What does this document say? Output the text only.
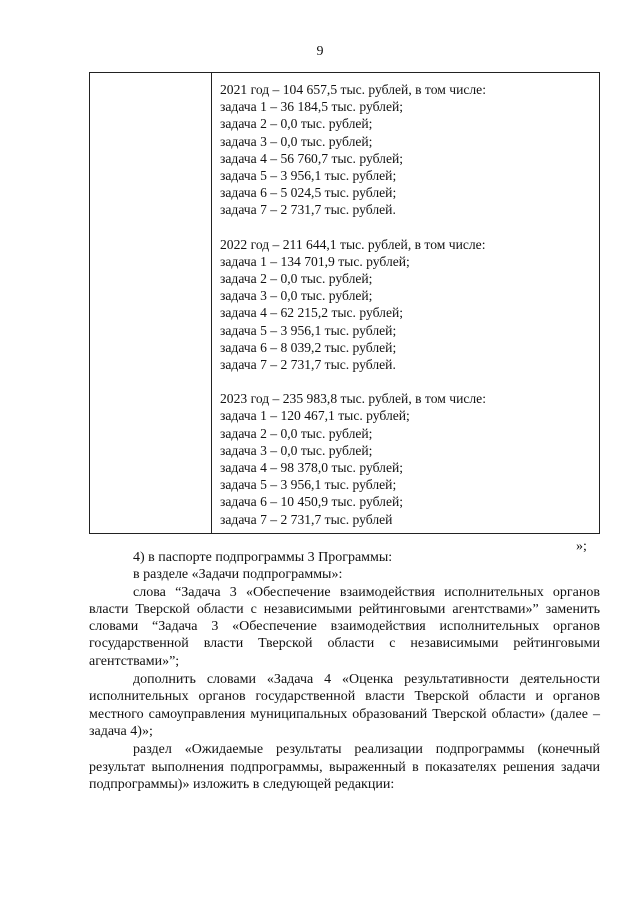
9
2021 год – 104 657,5 тыс. рублей, в том числе:
задача 1 – 36 184,5 тыс. рублей;
задача 2 – 0,0 тыс. рублей;
задача 3 – 0,0 тыс. рублей;
задача 4 – 56 760,7 тыс. рублей;
задача 5 – 3 956,1 тыс. рублей;
задача 6 – 5 024,5 тыс. рублей;
задача 7 – 2 731,7 тыс. рублей.
2022 год – 211 644,1 тыс. рублей, в том числе:
задача 1 – 134 701,9 тыс. рублей;
задача 2 – 0,0 тыс. рублей;
задача 3 – 0,0 тыс. рублей;
задача 4 – 62 215,2 тыс. рублей;
задача 5 – 3 956,1 тыс. рублей;
задача 6 – 8 039,2 тыс. рублей;
задача 7 – 2 731,7 тыс. рублей.
2023 год – 235 983,8 тыс. рублей, в том числе:
задача 1 – 120 467,1 тыс. рублей;
задача 2 – 0,0 тыс. рублей;
задача 3 – 0,0 тыс. рублей;
задача 4 – 98 378,0 тыс. рублей;
задача 5 – 3 956,1 тыс. рублей;
задача 6 – 10 450,9 тыс. рублей;
задача 7 – 2 731,7 тыс. рублей
»;

4) в паспорте подпрограммы 3 Программы:

в разделе «Задачи подпрограммы»:

слова “Задача 3 «Обеспечение взаимодействия исполнительных органов власти Тверской области с независимыми рейтинговыми агентствами»” заменить словами “Задача 3 «Обеспечение взаимодействия исполнительных органов государственной власти Тверской области с независимыми рейтинговыми агентствами»”;

дополнить словами «Задача 4 «Оценка результативности деятельности исполнительных органов государственной власти Тверской области и органов местного самоуправления муниципальных образований Тверской области» (далее – задача 4)»;

раздел «Ожидаемые результаты реализации подпрограммы (конечный результат выполнения подпрограммы, выраженный в показателях решения задачи подпрограммы)» изложить в следующей редакции:
